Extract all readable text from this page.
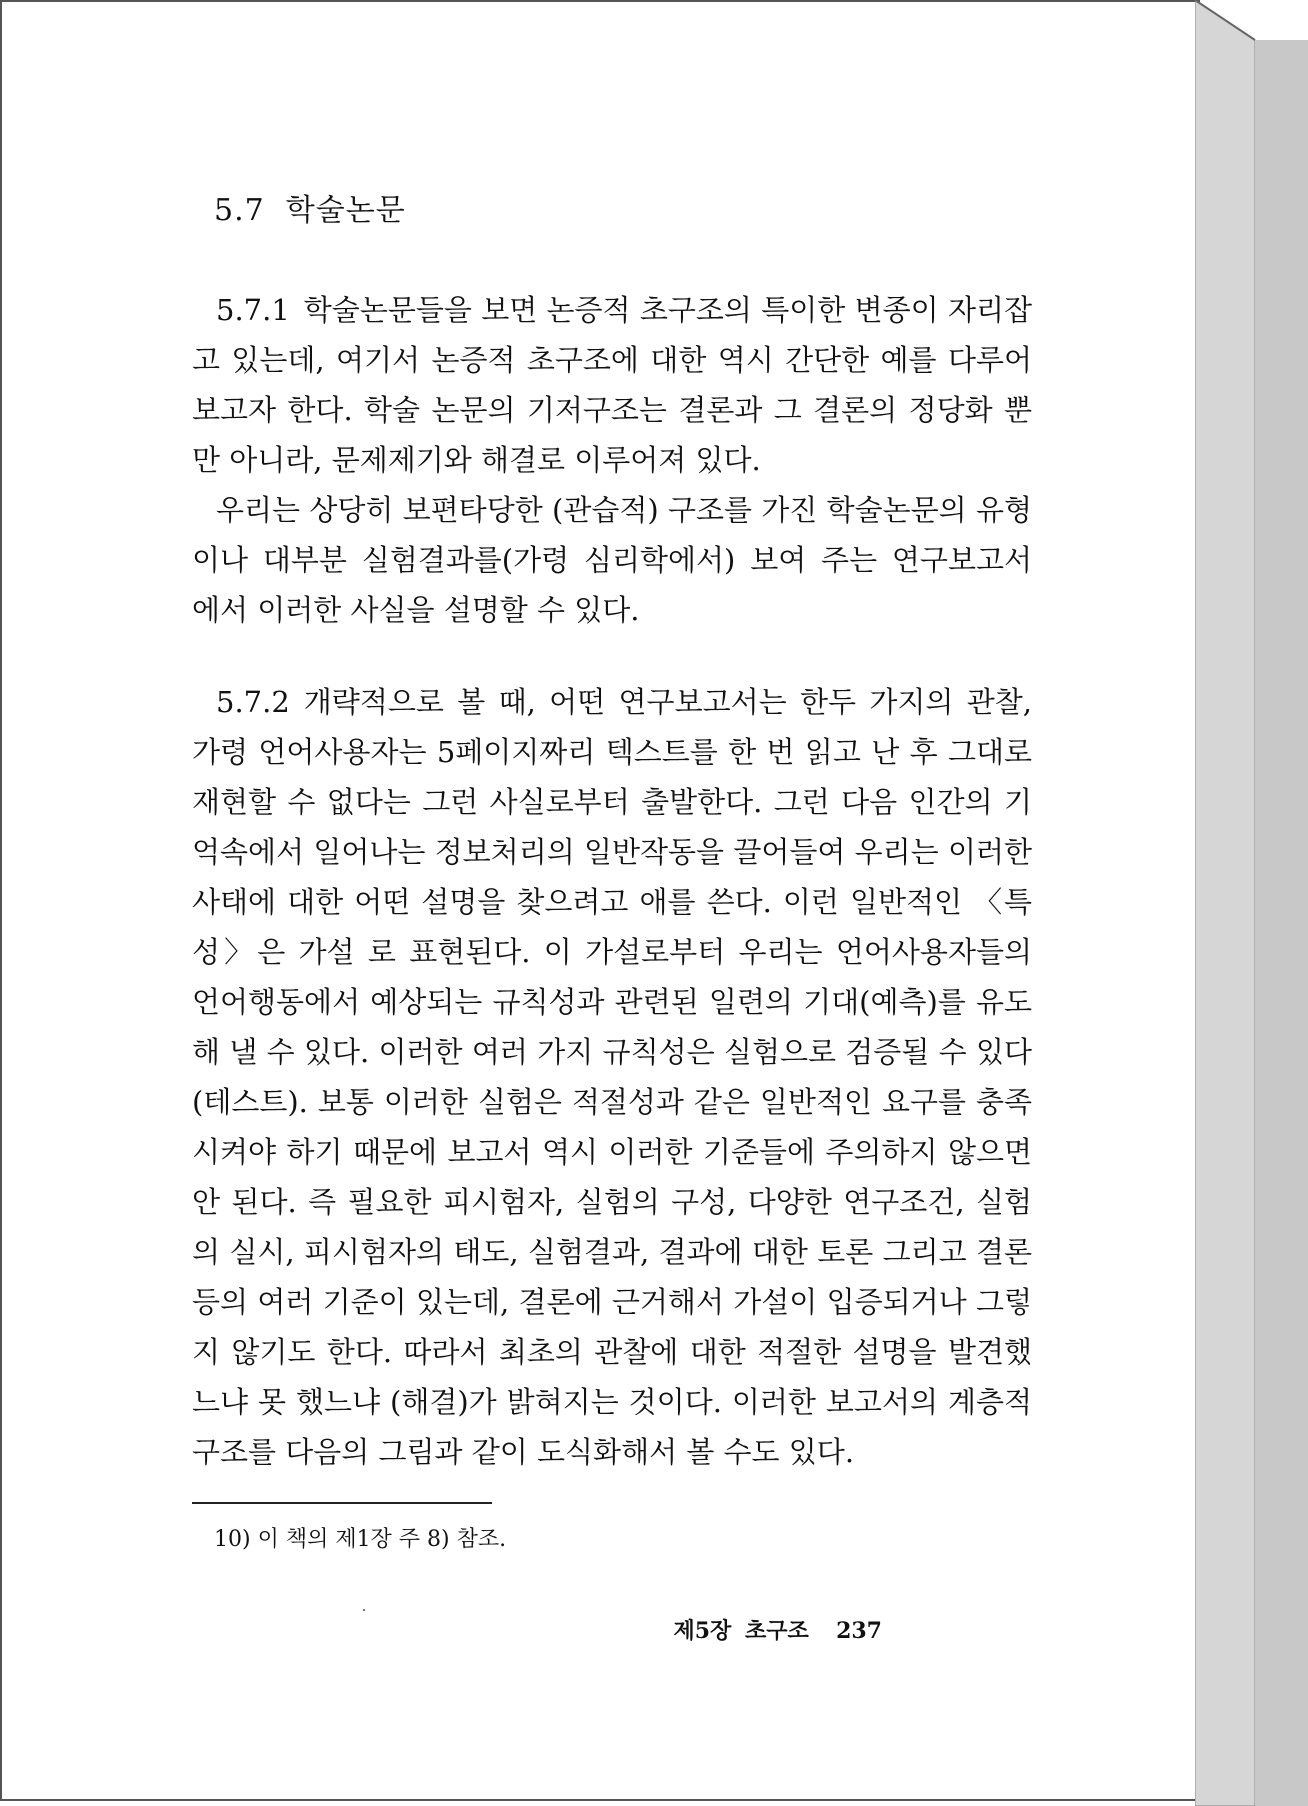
5.7 학술논문
5.7.1 학술논문들을 보면 논증적 초구조의 특이한 변종이 자리잡고 있는데, 여기서 논증적 초구조에 대한 역시 간단한 예를 다루어 보고자 한다. 학술 논문의 기저구조는 결론과 그 결론의 정당화 뿐만 아니라, 문제제기와 해결로 이루어져 있다.
우리는 상당히 보편타당한 (관습적) 구조를 가진 학술논문의 유형이나 대부분 실험결과를(가령 심리학에서) 보여 주는 연구보고서 에서 이러한 사실을 설명할 수 있다.
5.7.2 개략적으로 볼 때, 어떤 연구보고서는 한두 가지의 관찰, 가령 언어사용자는 5페이지짜리 텍스트를 한 번 읽고 난 후 그대로 재현할 수 없다는 그런 사실로부터 출발한다. 그런 다음 인간의 기억속에서 일어나는 정보처리의 일반작동을 끌어들여 우리는 이러한 사태에 대한 어떤 설명을 찾으려고 애를 쓴다. 이런 일반적인 〈특성〉은 가설 로 표현된다. 이 가설로부터 우리는 언어사용자들의 언어행동에서 예상되는 규칙성과 관련된 일련의 기대(예측)를 유도해 낼 수 있다. 이러한 여러 가지 규칙성은 실험으로 검증될 수 있다(테스트). 보통 이러한 실험은 적절성과 같은 일반적인 요구를 충족시켜야 하기 때문에 보고서 역시 이러한 기준들에 주의하지 않으면 안 된다. 즉 필요한 피시험자, 실험의 구성, 다양한 연구조건, 실험의 실시, 피시험자의 태도, 실험결과, 결과에 대한 토론 그리고 결론 등의 여러 기준이 있는데, 결론에 근거해서 가설이 입증되거나 그렇지 않기도 한다. 따라서 최초의 관찰에 대한 적절한 설명을 발견했느냐 못 했느냐 (해결)가 밝혀지는 것이다. 이러한 보고서의 계층적 구조를 다음의 그림과 같이 도식화해서 볼 수도 있다.
10) 이 책의 제1장 주 8) 참조.
제5장 초구조 237
